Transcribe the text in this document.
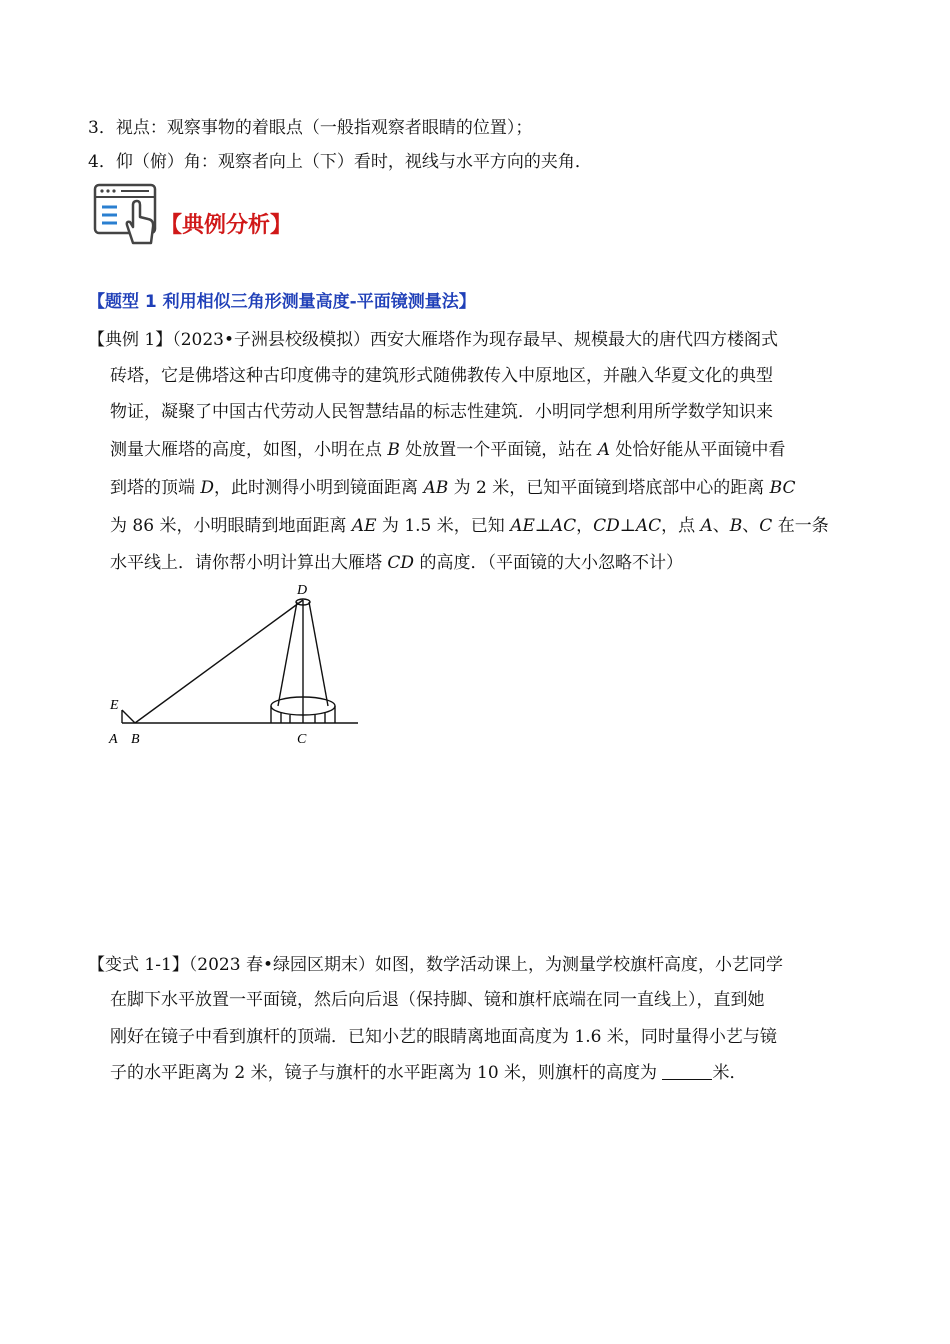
3．视点：观察事物的着眼点（一般指观察者眼睛的位置）；
4．仰（俯）角：观察者向上（下）看时，视线与水平方向的夹角．
【典例分析】
【题型 1 利用相似三角形测量高度-平面镜测量法】
【典例 1】（2023•子洲县校级模拟）西安大雁塔作为现存最早、规模最大的唐代四方楼阁式
砖塔，它是佛塔这种古印度佛寺的建筑形式随佛教传入中原地区，并融入华夏文化的典型
物证，凝聚了中国古代劳动人民智慧结晶的标志性建筑．小明同学想利用所学数学知识来
测量大雁塔的高度，如图，小明在点 B 处放置一个平面镜，站在 A 处恰好能从平面镜中看
到塔的顶端 D，此时测得小明到镜面距离 AB 为 2 米，已知平面镜到塔底部中心的距离 BC
为 86 米，小明眼睛到地面距离 AE 为 1.5 米，已知 AE⊥AC，CD⊥AC，点 A、B、C 在一条
水平线上．请你帮小明计算出大雁塔 CD 的高度．（平面镜的大小忽略不计）
D
E
A B	C
【变式 1-1】（2023 春•绿园区期末）如图，数学活动课上，为测量学校旗杆高度，小艺同学
在脚下水平放置一平面镜，然后向后退（保持脚、镜和旗杆底端在同一直线上），直到她
刚好在镜子中看到旗杆的顶端．已知小艺的眼睛离地面高度为 1.6 米，同时量得小艺与镜
子的水平距离为 2 米，镜子与旗杆的水平距离为 10 米，则旗杆的高度为	米．
